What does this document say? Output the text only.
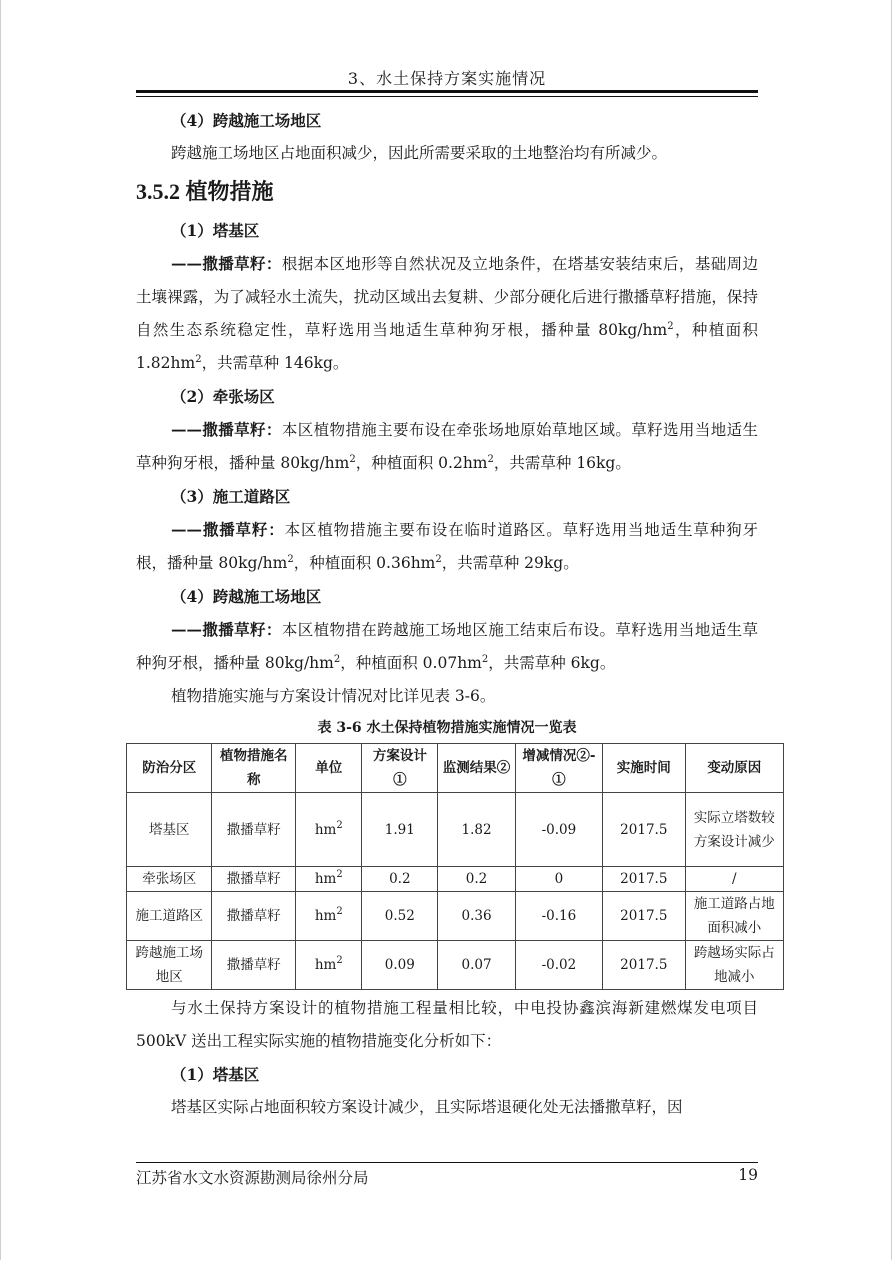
3、水土保持方案实施情况

（4）跨越施工场地区

跨越施工场地区占地面积减少，因此所需要采取的土地整治均有所减少。

3.5.2 植物措施

（1）塔基区

——撒播草籽：根据本区地形等自然状况及立地条件，在塔基安装结束后，基础周边土壤裸露，为了减轻水土流失，扰动区域出去复耕、少部分硬化后进行撒播草籽措施，保持自然生态系统稳定性，草籽选用当地适生草种狗牙根，播种量 $80kg/hm^2$，种植面积 $1.82hm^2$，共需草种 146kg。

（2）牵张场区

——撒播草籽：本区植物措施主要布设在牵张场地原始草地区域。草籽选用当地适生草种狗牙根，播种量 $80kg/hm^2$，种植面积 $0.2hm^2$，共需草种 16kg。

（3）施工道路区

——撒播草籽：本区植物措施主要布设在临时道路区。草籽选用当地适生草种狗牙根，播种量 $80kg/hm^2$，种植面积 $0.36hm^2$，共需草种 29kg。

（4）跨越施工场地区

——撒播草籽：本区植物措在跨越施工场地区施工结束后布设。草籽选用当地适生草种狗牙根，播种量 $80kg/hm^2$，种植面积 $0.07hm^2$，共需草种 6kg。

植物措施实施与方案设计情况对比详见表 3-6。

表 3-6 水土保持植物措施实施情况一览表

防治分区	植物措施名称	单位	方案设计①	监测结果②	增减情况②-①	实施时间	变动原因
塔基区	撒播草籽	$hm^2$	1.91	1.82	-0.09	2017.5	实际立塔数较方案设计减少
牵张场区	撒播草籽	$hm^2$	0.2	0.2	0	2017.5	/
施工道路区	撒播草籽	$hm^2$	0.52	0.36	-0.16	2017.5	施工道路占地面积减小
跨越施工场地区	撒播草籽	$hm^2$	0.09	0.07	-0.02	2017.5	跨越场实际占地减小

与水土保持方案设计的植物措施工程量相比较，中电投协鑫滨海新建燃煤发电项目 500kV 送出工程实际实施的植物措施变化分析如下：

（1）塔基区

塔基区实际占地面积较方案设计减少，且实际塔退硬化处无法播撒草籽，因

江苏省水文水资源勘测局徐州分局	19
